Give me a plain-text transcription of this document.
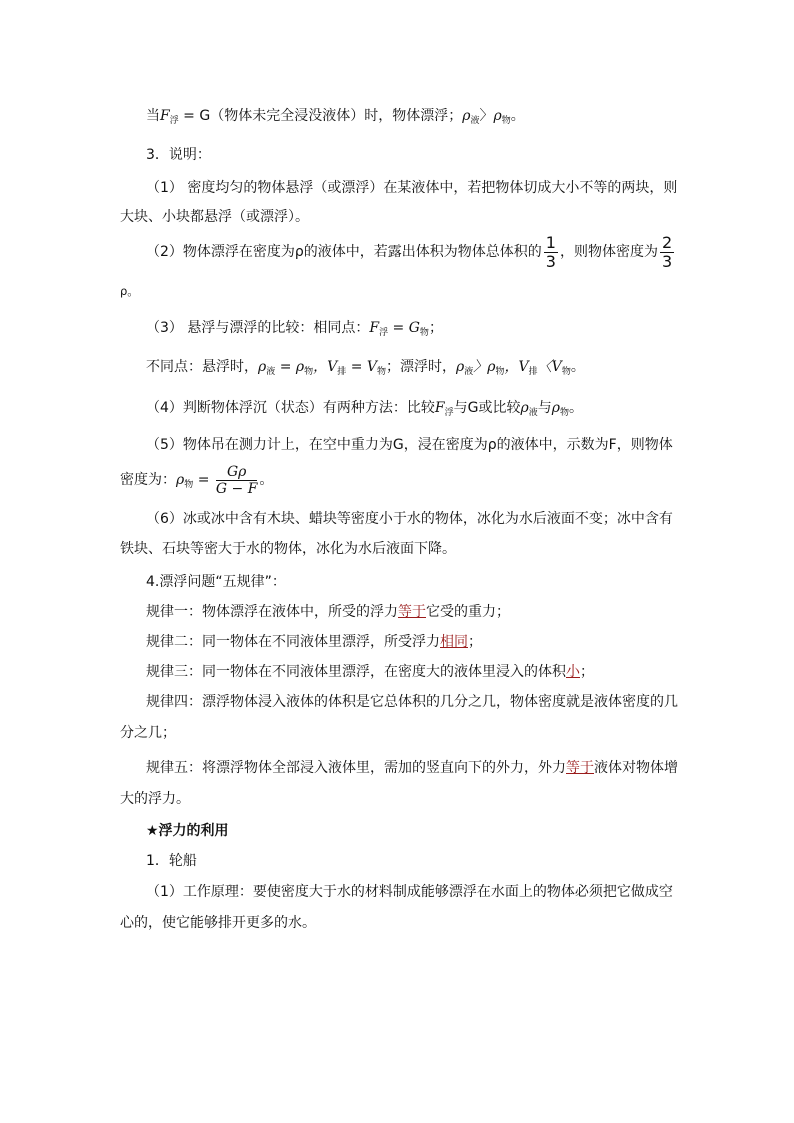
当$F_浮 = G$（物体未完全浸没液体）时，物体漂浮；$\rho_液$〉$\rho_物$。
3．说明：
（1） 密度均匀的物体悬浮（或漂浮）在某液体中，若把物体切成大小不等的两块，则
大块、小块都悬浮（或漂浮）。
（2）物体漂浮在密度为ρ的液体中，若露出体积为物体总体积的 $\frac{1}{3}$ ，则物体密度为 $\frac{2}{3}$
ρ。
（3） 悬浮与漂浮的比较：相同点：$F_浮 = G_物$；
不同点：悬浮时，$\rho_液 = \rho_物$，$V_排 = V_物$；漂浮时，$\rho_液$〉$\rho_物$，$V_排$〈$V_物$。
（4）判断物体浮沉（状态）有两种方法：比较$F_浮$与G或比较$\rho_液$与$\rho_物$。
（5）物体吊在测力计上，在空中重力为G，浸在密度为ρ的液体中，示数为F，则物体
密度为：$\rho_物 = \frac{G\rho}{G - F}$ 。
（6）冰或冰中含有木块、蜡块等密度小于水的物体，冰化为水后液面不变；冰中含有
铁块、石块等密大于水的物体，冰化为水后液面下降。
4.漂浮问题“五规律”：
规律一：物体漂浮在液体中，所受的浮力等于它受的重力；
规律二：同一物体在不同液体里漂浮，所受浮力相同；
规律三：同一物体在不同液体里漂浮，在密度大的液体里浸入的体积小；
规律四：漂浮物体浸入液体的体积是它总体积的几分之几，物体密度就是液体密度的几
分之几；
规律五：将漂浮物体全部浸入液体里，需加的竖直向下的外力，外力等于液体对物体增
大的浮力。
★浮力的利用
1．轮船
（1）工作原理：要使密度大于水的材料制成能够漂浮在水面上的物体必须把它做成空
心的，使它能够排开更多的水。
